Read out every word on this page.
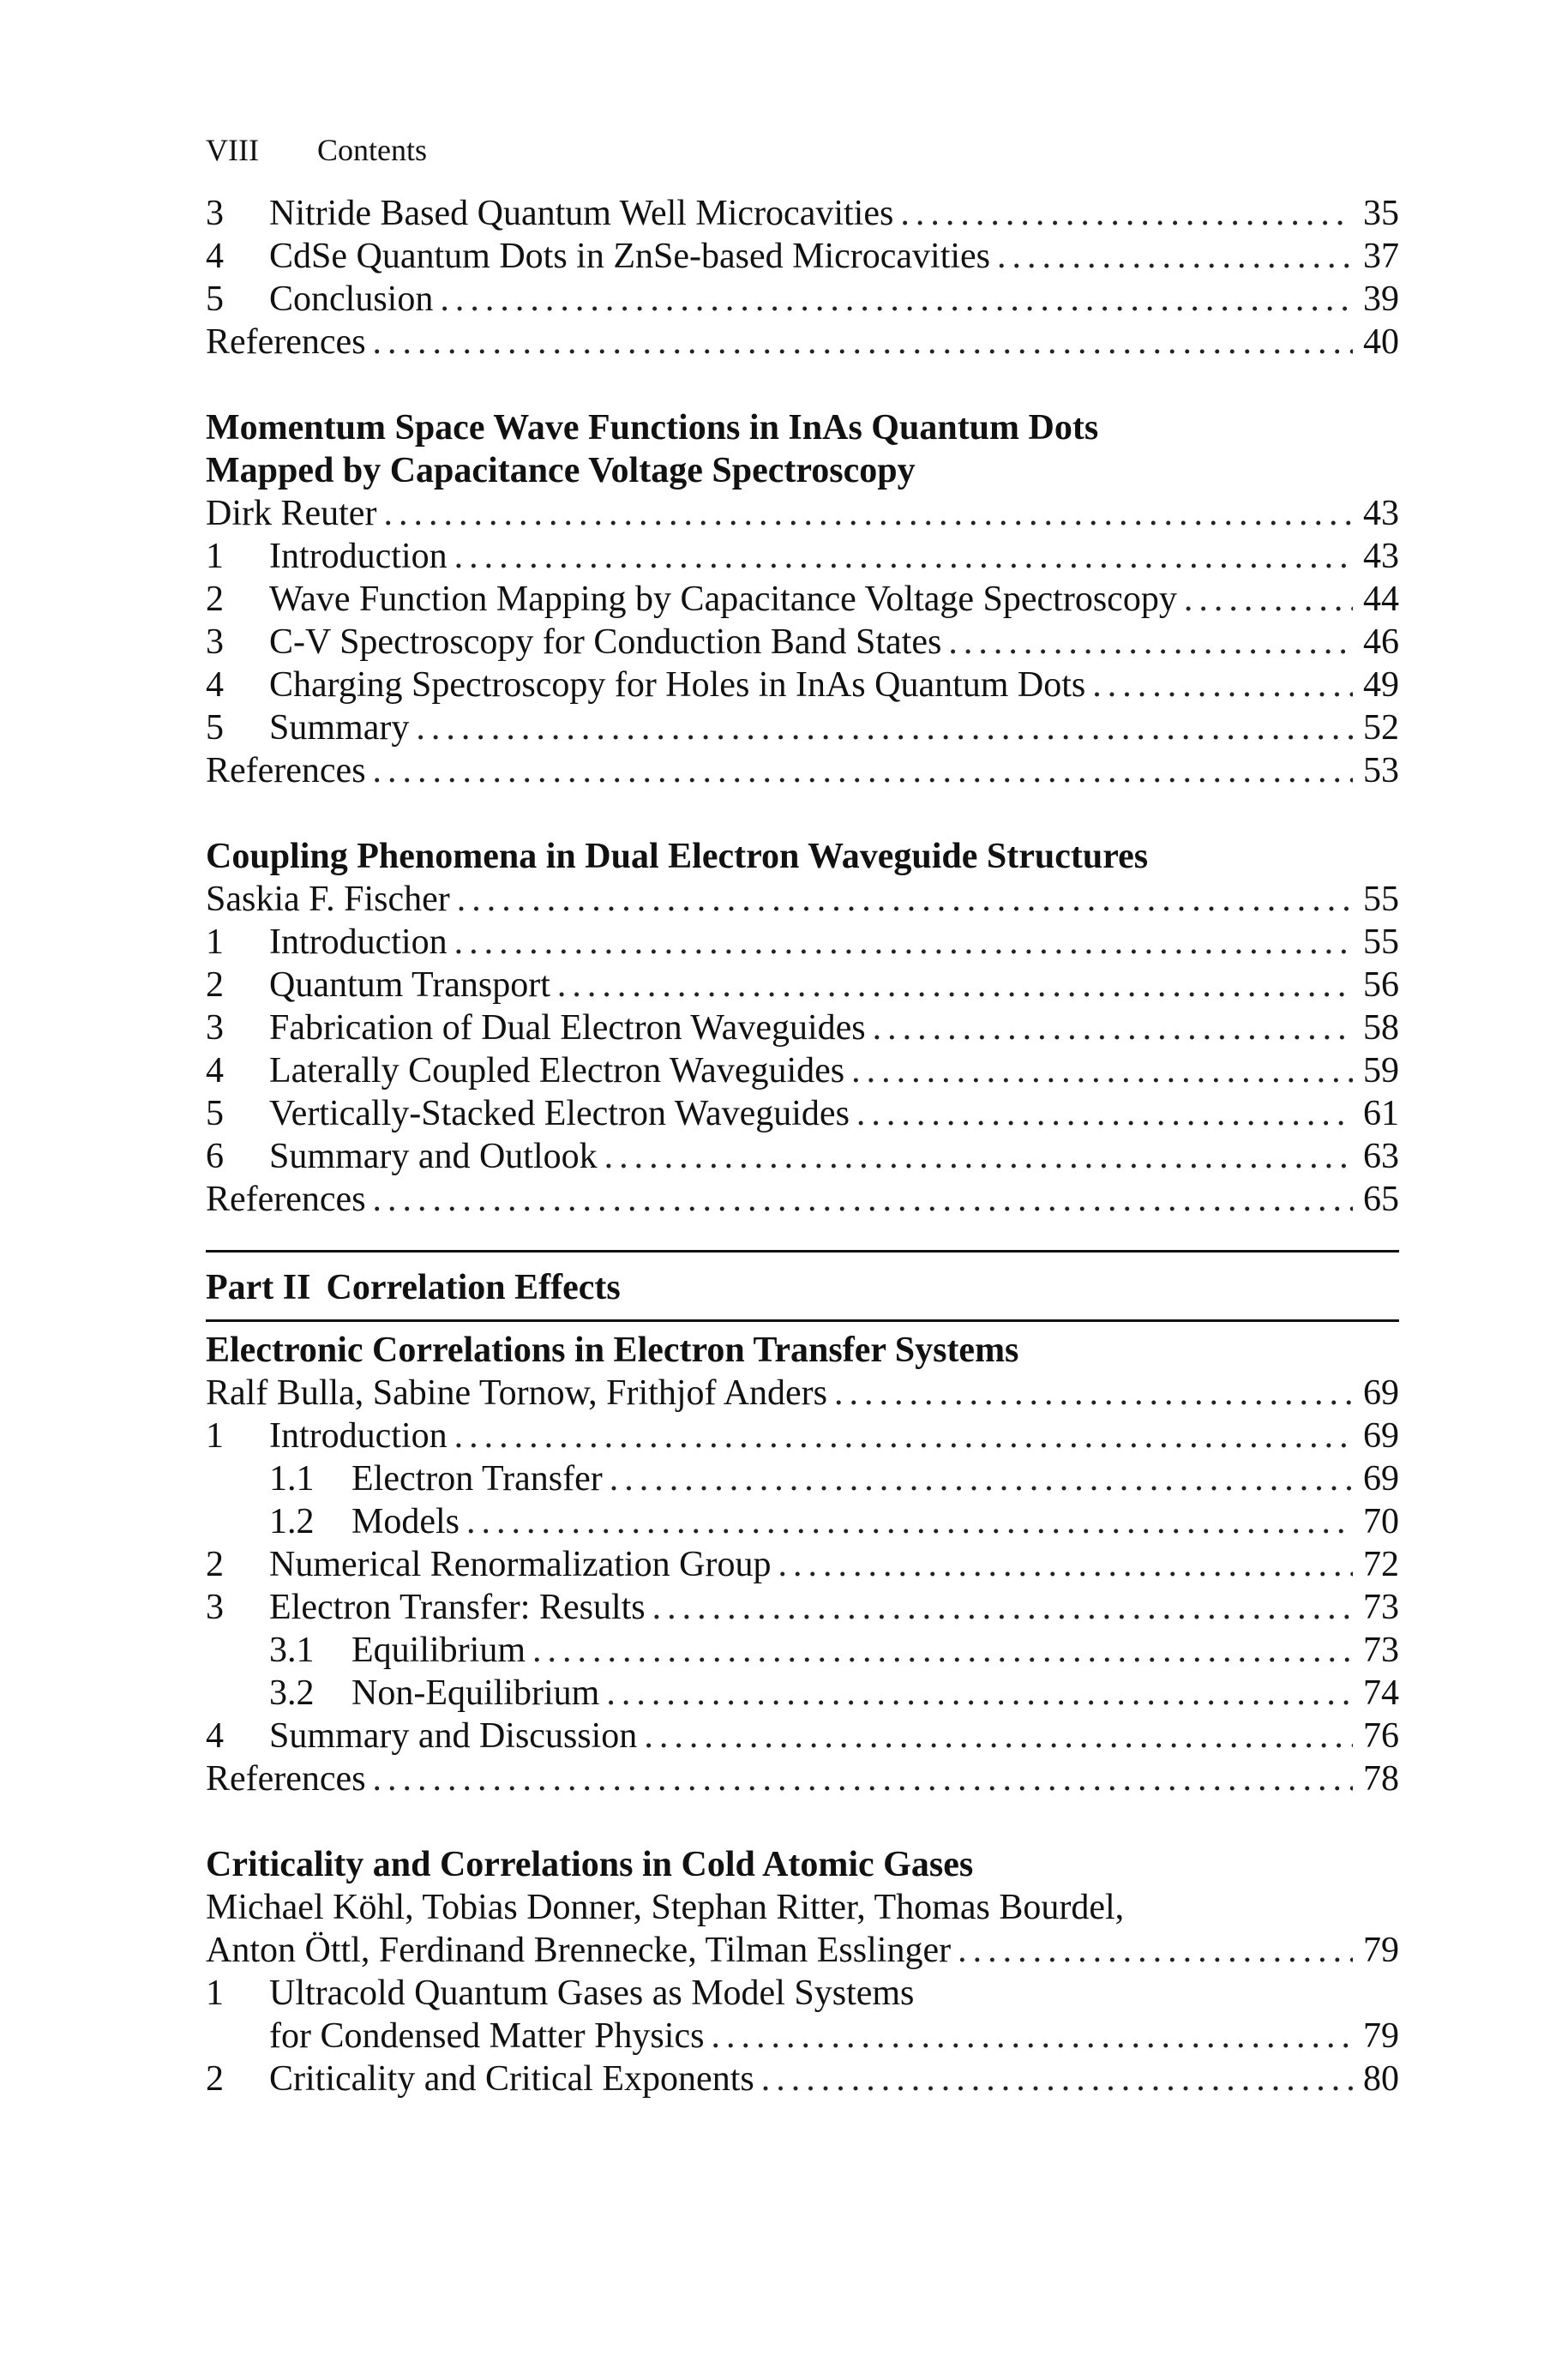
VIII	Contents
3	Nitride Based Quantum Well Microcavities .....	35
4	CdSe Quantum Dots in ZnSe-based Microcavities .....	37
5	Conclusion .....	39
References .....	40
Momentum Space Wave Functions in InAs Quantum Dots
Mapped by Capacitance Voltage Spectroscopy
Dirk Reuter .....	43
1	Introduction .....	43
2	Wave Function Mapping by Capacitance Voltage Spectroscopy .....	44
3	C-V Spectroscopy for Conduction Band States .....	46
4	Charging Spectroscopy for Holes in InAs Quantum Dots .....	49
5	Summary .....	52
References .....	53
Coupling Phenomena in Dual Electron Waveguide Structures
Saskia F. Fischer .....	55
1	Introduction .....	55
2	Quantum Transport .....	56
3	Fabrication of Dual Electron Waveguides .....	58
4	Laterally Coupled Electron Waveguides .....	59
5	Vertically-Stacked Electron Waveguides .....	61
6	Summary and Outlook .....	63
References .....	65
Part II Correlation Effects
Electronic Correlations in Electron Transfer Systems
Ralf Bulla, Sabine Tornow, Frithjof Anders .....	69
1	Introduction .....	69
1.1	Electron Transfer .....	69
1.2	Models .....	70
2	Numerical Renormalization Group .....	72
3	Electron Transfer: Results .....	73
3.1	Equilibrium .....	73
3.2	Non-Equilibrium .....	74
4	Summary and Discussion .....	76
References .....	78
Criticality and Correlations in Cold Atomic Gases
Michael Köhl, Tobias Donner, Stephan Ritter, Thomas Bourdel,
Anton Öttl, Ferdinand Brennecke, Tilman Esslinger .....	79
1	Ultracold Quantum Gases as Model Systems
for Condensed Matter Physics .....	79
2	Criticality and Critical Exponents .....	80
